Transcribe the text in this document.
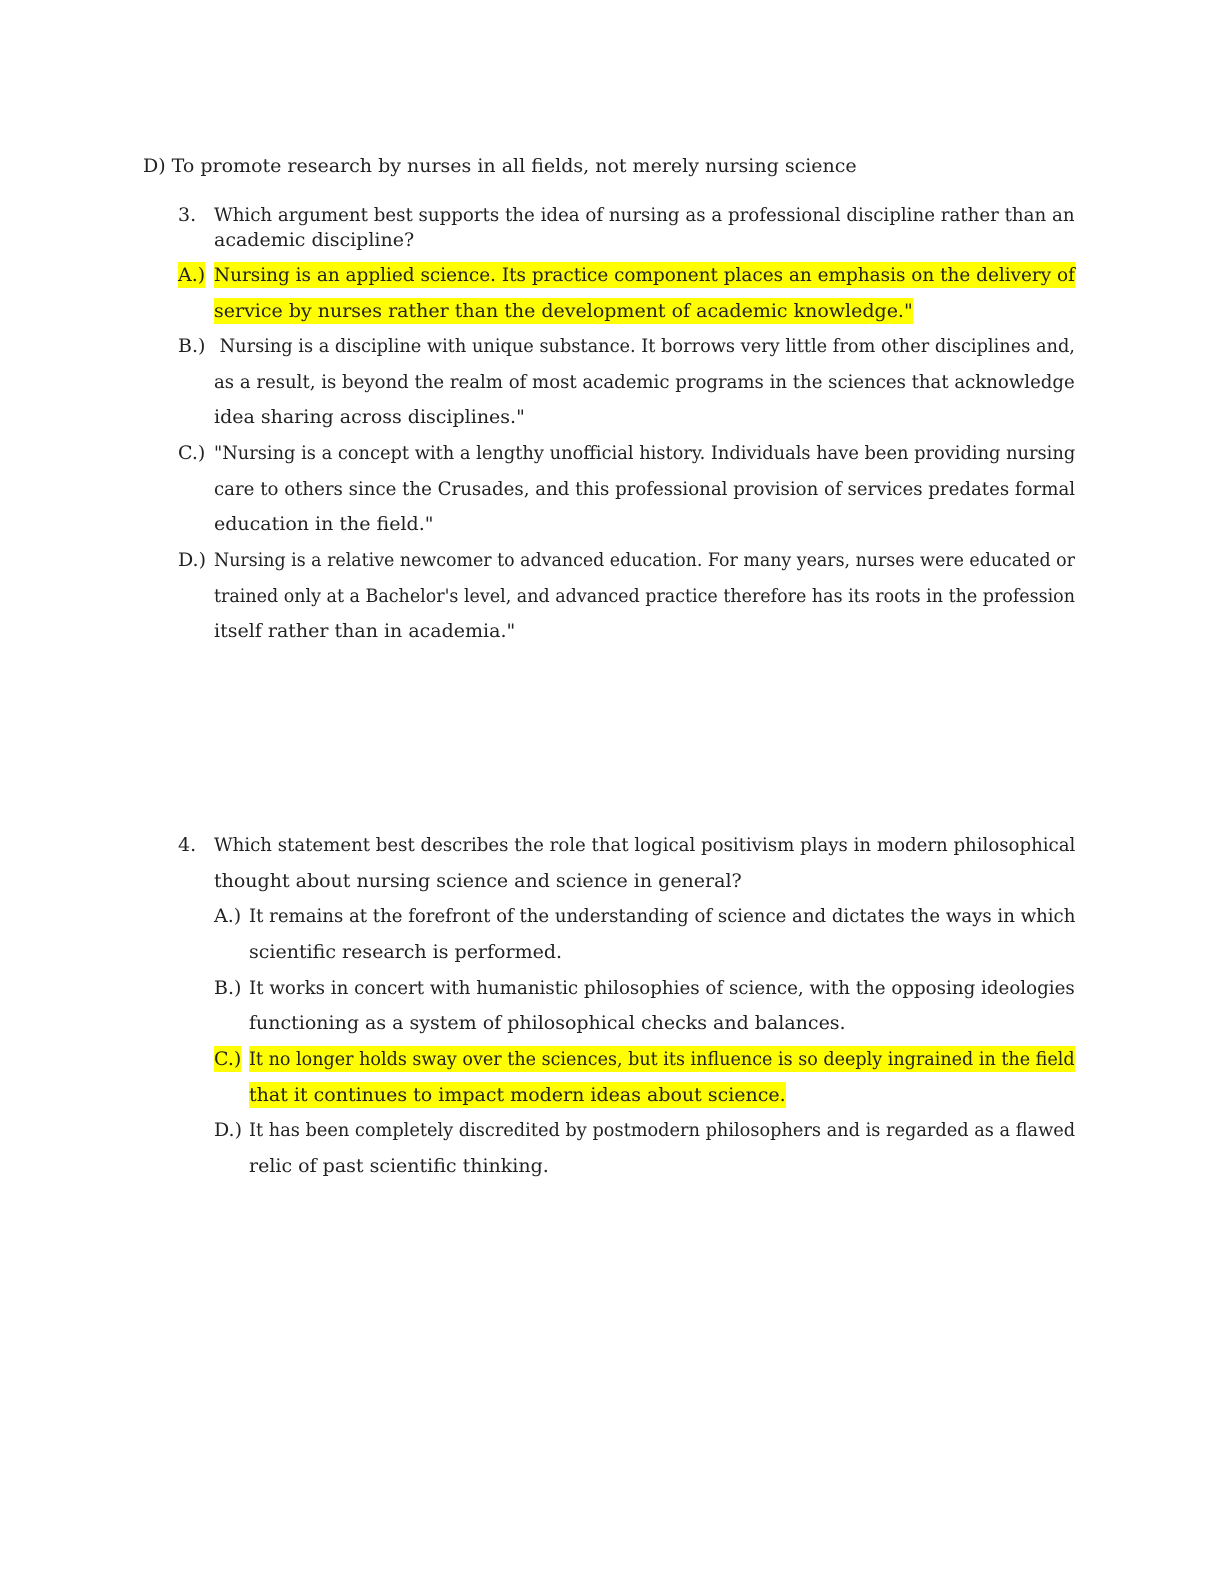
D) To promote research by nurses in all fields, not merely nursing science
3. Which argument best supports the idea of nursing as a professional discipline rather than an
academic discipline?
A.) Nursing is an applied science. Its practice component places an emphasis on the delivery of
service by nurses rather than the development of academic knowledge."
B.) Nursing is a discipline with unique substance. It borrows very little from other disciplines and,
as a result, is beyond the realm of most academic programs in the sciences that acknowledge
idea sharing across disciplines."
C.) "Nursing is a concept with a lengthy unofficial history. Individuals have been providing nursing
care to others since the Crusades, and this professional provision of services predates formal
education in the field."
D.) Nursing is a relative newcomer to advanced education. For many years, nurses were educated or
trained only at a Bachelor's level, and advanced practice therefore has its roots in the profession
itself rather than in academia."
4. Which statement best describes the role that logical positivism plays in modern philosophical
thought about nursing science and science in general?
A.) It remains at the forefront of the understanding of science and dictates the ways in which
scientific research is performed.
B.) It works in concert with humanistic philosophies of science, with the opposing ideologies
functioning as a system of philosophical checks and balances.
C.) It no longer holds sway over the sciences, but its influence is so deeply ingrained in the field
that it continues to impact modern ideas about science.
D.) It has been completely discredited by postmodern philosophers and is regarded as a flawed
relic of past scientific thinking.
